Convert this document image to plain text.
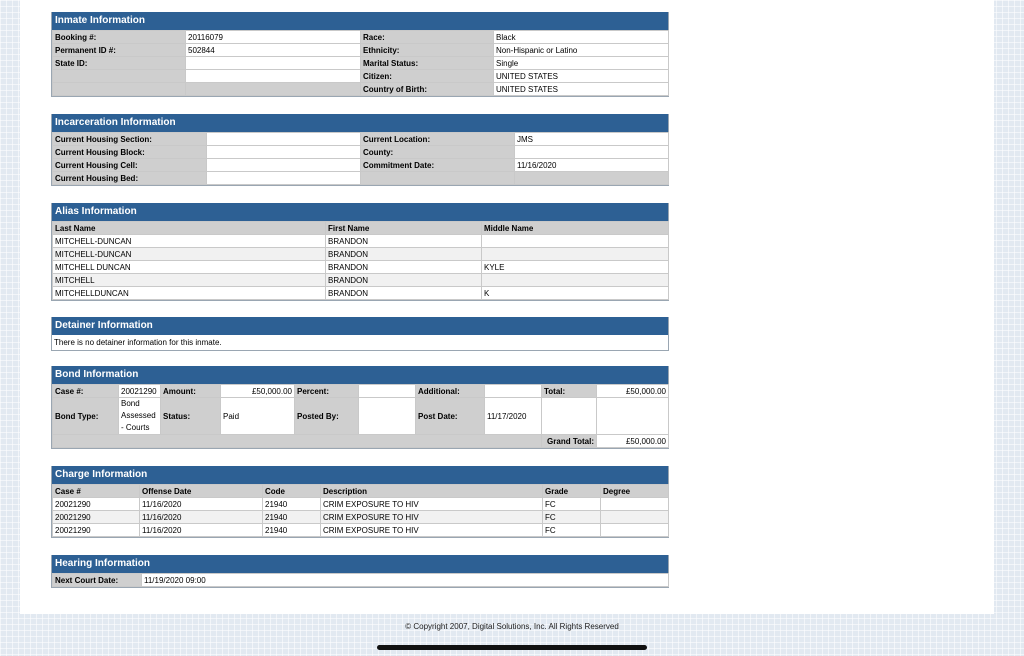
Inmate Information
Booking #:	20116079	Race:	Black
Permanent ID #:	502844	Ethnicity:	Non-Hispanic or Latino
State ID:		Marital Status:	Single
		Citizen:	UNITED STATES
		Country of Birth:	UNITED STATES
Incarceration Information
Current Housing Section:		Current Location:	JMS
Current Housing Block:		County:	
Current Housing Cell:		Commitment Date:	11/16/2020
Current Housing Bed:			
Alias Information
Last Name	First Name	Middle Name
MITCHELL-DUNCAN	BRANDON	
MITCHELL-DUNCAN	BRANDON	
MITCHELL DUNCAN	BRANDON	KYLE
MITCHELL	BRANDON	
MITCHELLDUNCAN	BRANDON	K
Detainer Information
There is no detainer information for this inmate.
Bond Information
Case #:	20021290	Amount:	£50,000.00	Percent:		Additional:		Total:	£50,000.00
Bond Type:	Bond Assessed - Courts	Status:	Paid	Posted By:		Post Date:	11/17/2020		
								Grand Total:	£50,000.00
Charge Information
Case #	Offense Date	Code	Description	Grade	Degree
20021290	11/16/2020	21940	CRIM EXPOSURE TO HIV	FC	
20021290	11/16/2020	21940	CRIM EXPOSURE TO HIV	FC	
20021290	11/16/2020	21940	CRIM EXPOSURE TO HIV	FC	
Hearing Information
Next Court Date:	11/19/2020 09:00
© Copyright 2007, Digital Solutions, Inc. All Rights Reserved
